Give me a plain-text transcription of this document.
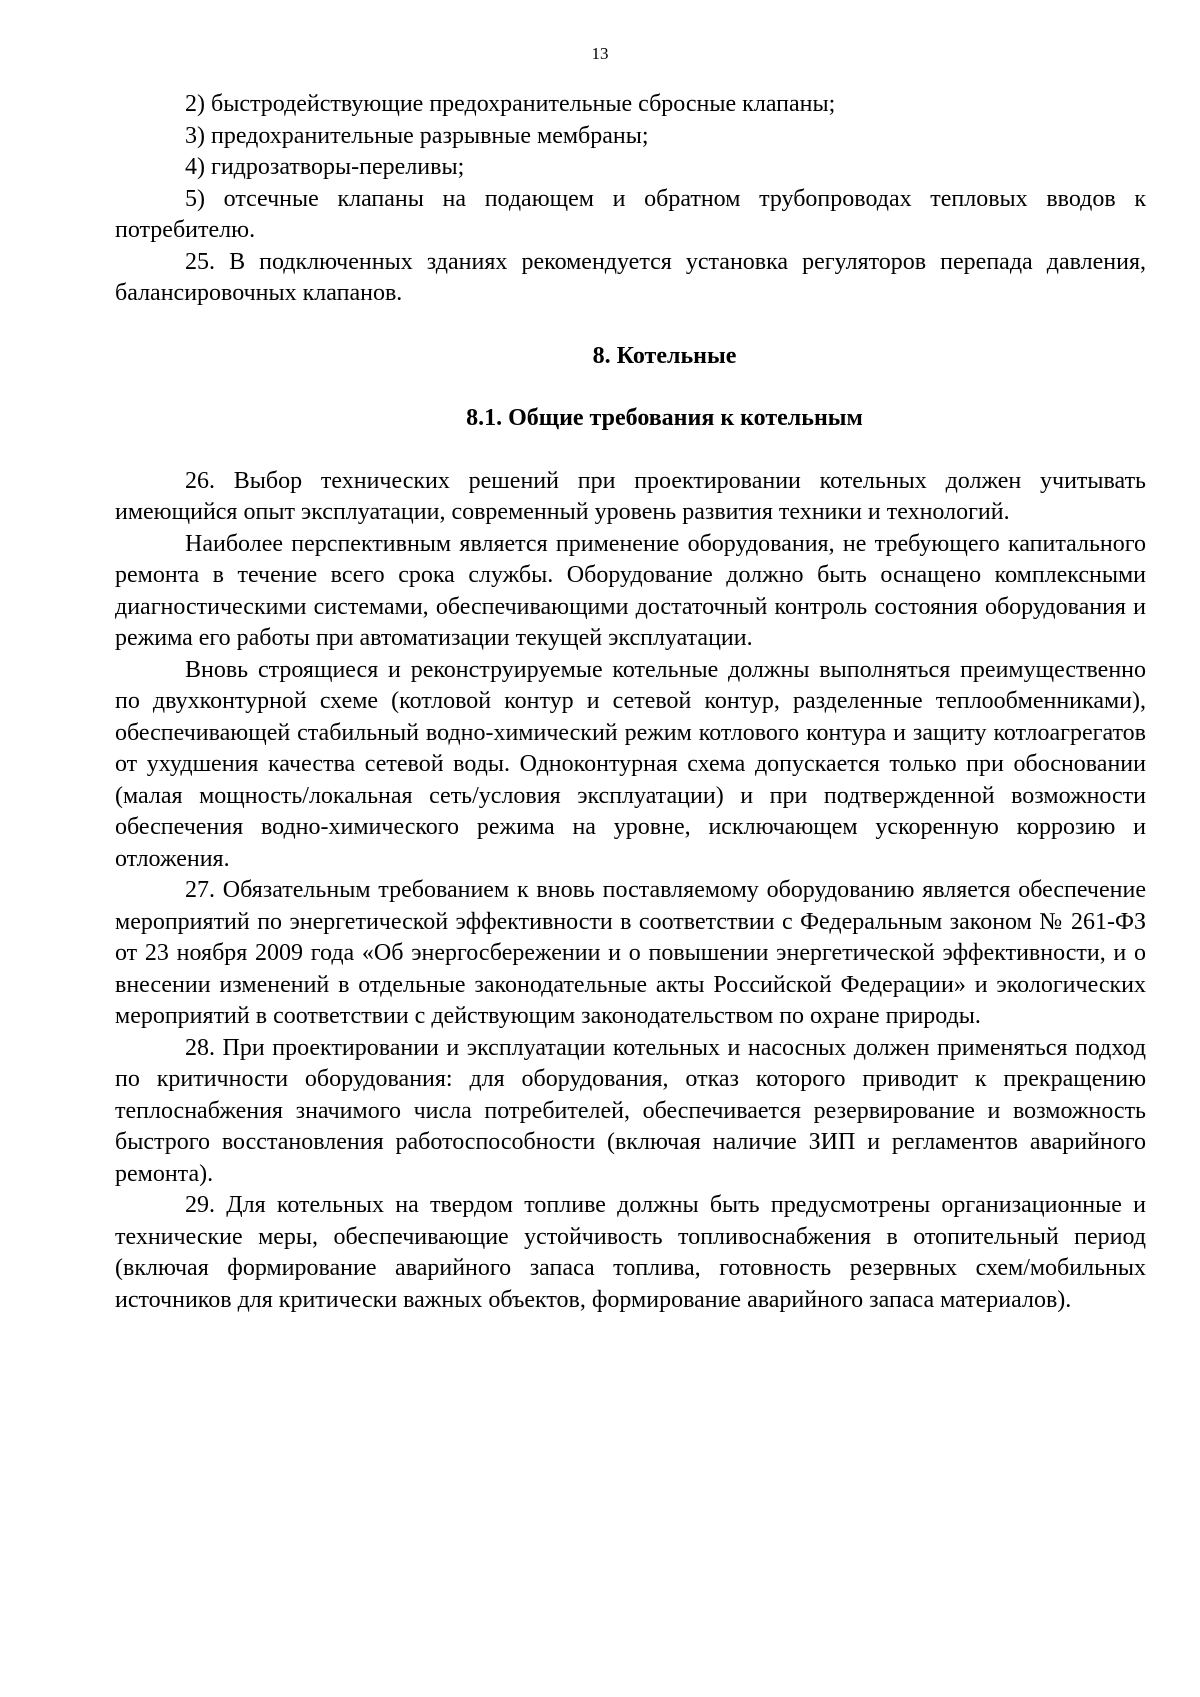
13

2) быстродействующие предохранительные сбросные клапаны;

3) предохранительные разрывные мембраны;

4) гидрозатворы-переливы;

5) отсечные клапаны на подающем и обратном трубопроводах тепловых вводов к потребителю.

25. В подключенных зданиях рекомендуется установка регуляторов перепада давления, балансировочных клапанов.

8. Котельные

8.1. Общие требования к котельным

26. Выбор технических решений при проектировании котельных должен учитывать имеющийся опыт эксплуатации, современный уровень развития техники и технологий.

Наиболее перспективным является применение оборудования, не требующего капитального ремонта в течение всего срока службы. Оборудование должно быть оснащено комплексными диагностическими системами, обеспечивающими достаточный контроль состояния оборудования и режима его работы при автоматизации текущей эксплуатации.

Вновь строящиеся и реконструируемые котельные должны выполняться преимущественно по двухконтурной схеме (котловой контур и сетевой контур, разделенные теплообменниками), обеспечивающей стабильный водно-химический режим котлового контура и защиту котлоагрегатов от ухудшения качества сетевой воды. Одноконтурная схема допускается только при обосновании (малая мощность/локальная сеть/условия эксплуатации) и при подтвержденной возможности обеспечения водно-химического режима на уровне, исключающем ускоренную коррозию и отложения.

27. Обязательным требованием к вновь поставляемому оборудованию является обеспечение мероприятий по энергетической эффективности в соответствии с Федеральным законом № 261-ФЗ от 23 ноября 2009 года «Об энергосбережении и о повышении энергетической эффективности, и о внесении изменений в отдельные законодательные акты Российской Федерации» и экологических мероприятий в соответствии с действующим законодательством по охране природы.

28. При проектировании и эксплуатации котельных и насосных должен применяться подход по критичности оборудования: для оборудования, отказ которого приводит к прекращению теплоснабжения значимого числа потребителей, обеспечивается резервирование и возможность быстрого восстановления работоспособности (включая наличие ЗИП и регламентов аварийного ремонта).

29. Для котельных на твердом топливе должны быть предусмотрены организационные и технические меры, обеспечивающие устойчивость топливоснабжения в отопительный период (включая формирование аварийного запаса топлива, готовность резервных схем/мобильных источников для критически важных объектов, формирование аварийного запаса материалов).
